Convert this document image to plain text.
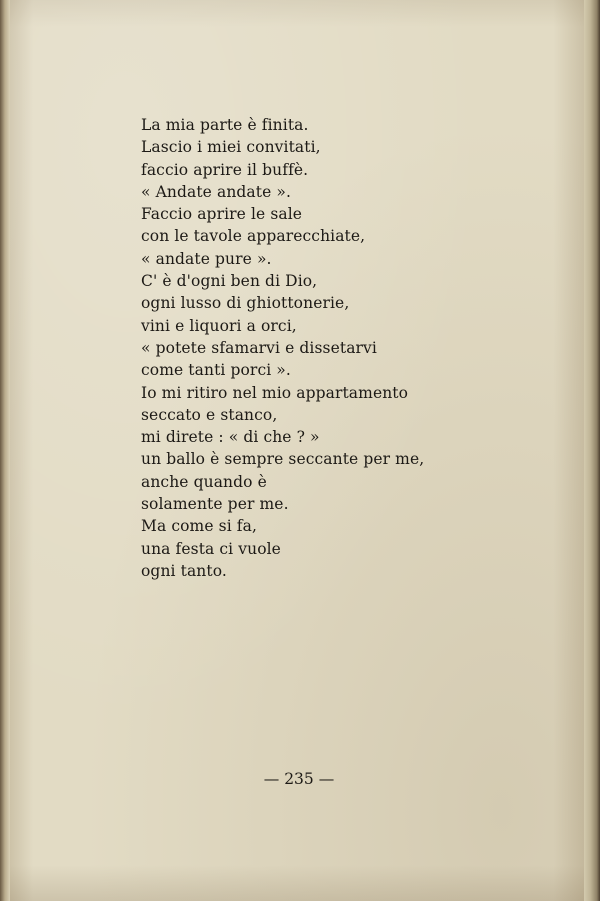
La mia parte è finita.
Lascio i miei convitati,
faccio aprire il buffè.
« Andate andate ».
Faccio aprire le sale
con le tavole apparecchiate,
« andate pure ».
C' è d'ogni ben di Dio,
ogni lusso di ghiottonerie,
vini e liquori a orci,
« potete sfamarvi e dissetarvi
come tanti porci ».
Io mi ritiro nel mio appartamento
seccato e stanco,
mi direte : « di che ? »
un ballo è sempre seccante per me,
anche quando è
solamente per me.
Ma come si fa,
una festa ci vuole
ogni tanto.
— 235 —
